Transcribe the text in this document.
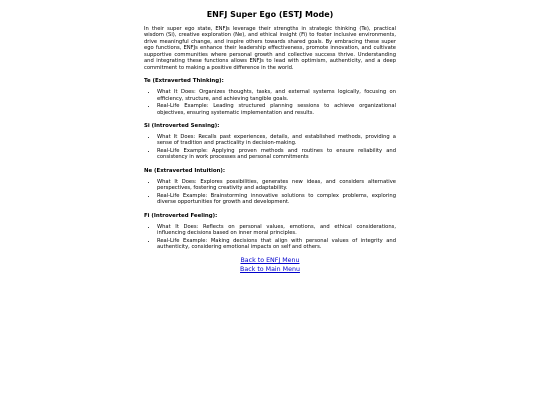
ENFJ Super Ego (ESTJ Mode)

In their super ego state, ENFJs leverage their strengths in strategic thinking (Te), practical wisdom (Si), creative exploration (Ne), and ethical insight (Fi) to foster inclusive environments, drive meaningful change, and inspire others towards shared goals. By embracing these super ego functions, ENFJs enhance their leadership effectiveness, promote innovation, and cultivate supportive communities where personal growth and collective success thrive. Understanding and integrating these functions allows ENFJs to lead with optimism, authenticity, and a deep commitment to making a positive difference in the world.

Te (Extraverted Thinking):
• What It Does: Organizes thoughts, tasks, and external systems logically, focusing on efficiency, structure, and achieving tangible goals.
• Real-Life Example: Leading structured planning sessions to achieve organizational objectives, ensuring systematic implementation and results.
Si (Introverted Sensing):
• What It Does: Recalls past experiences, details, and established methods, providing a sense of tradition and practicality in decision-making.
• Real-Life Example: Applying proven methods and routines to ensure reliability and consistency in work processes and personal commitments
Ne (Extraverted Intuition):
• What It Does: Explores possibilities, generates new ideas, and considers alternative perspectives, fostering creativity and adaptability.
• Real-Life Example: Brainstorming innovative solutions to complex problems, exploring diverse opportunities for growth and development.
Fi (Introverted Feeling):
• What It Does: Reflects on personal values, emotions, and ethical considerations, influencing decisions based on inner moral principles.
• Real-Life Example: Making decisions that align with personal values of integrity and authenticity, considering emotional impacts on self and others.
Back to ENFJ Menu
Back to Main Menu
